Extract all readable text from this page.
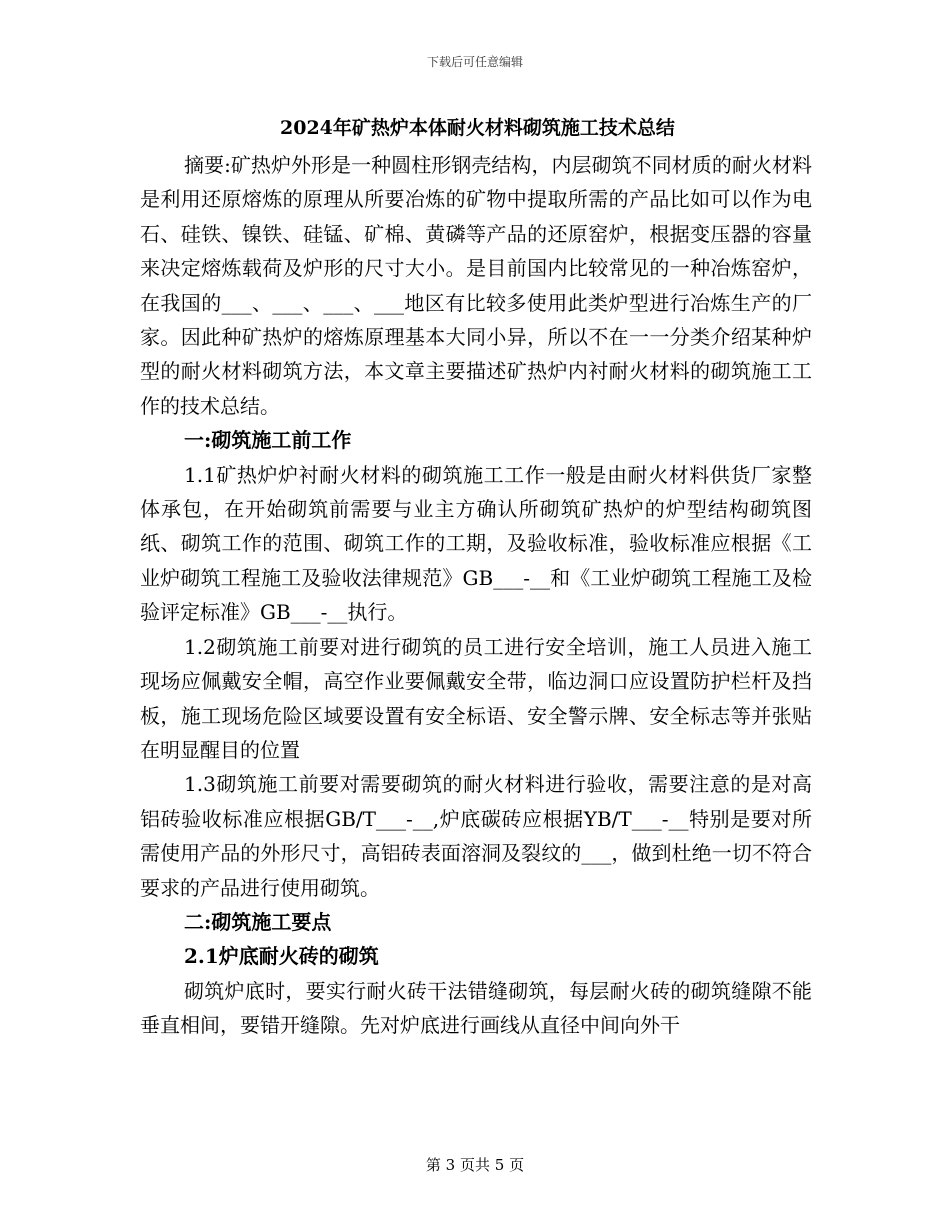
下载后可任意编辑
2024年矿热炉本体耐火材料砌筑施工技术总结

摘要:矿热炉外形是一种圆柱形钢壳结构，内层砌筑不同材质的耐火材料是利用还原熔炼的原理从所要冶炼的矿物中提取所需的产品比如可以作为电石、硅铁、镍铁、硅锰、矿棉、黄磷等产品的还原窑炉，根据变压器的容量来决定熔炼载荷及炉形的尺寸大小。是目前国内比较常见的一种冶炼窑炉，在我国的___、___、___、___地区有比较多使用此类炉型进行冶炼生产的厂家。因此种矿热炉的熔炼原理基本大同小异，所以不在一一分类介绍某种炉型的耐火材料砌筑方法，本文章主要描述矿热炉内衬耐火材料的砌筑施工工作的技术总结。

一:砌筑施工前工作

1.1矿热炉炉衬耐火材料的砌筑施工工作一般是由耐火材料供货厂家整体承包，在开始砌筑前需要与业主方确认所砌筑矿热炉的炉型结构砌筑图纸、砌筑工作的范围、砌筑工作的工期，及验收标准，验收标准应根据《工业炉砌筑工程施工及验收法律规范》GB___-__和《工业炉砌筑工程施工及检验评定标准》GB___-__执行。

1.2砌筑施工前要对进行砌筑的员工进行安全培训，施工人员进入施工现场应佩戴安全帽，高空作业要佩戴安全带，临边洞口应设置防护栏杆及挡板，施工现场危险区域要设置有安全标语、安全警示牌、安全标志等并张贴在明显醒目的位置

1.3砌筑施工前要对需要砌筑的耐火材料进行验收，需要注意的是对高铝砖验收标准应根据GB/T___-__,炉底碳砖应根据YB/T___-__特别是要对所需使用产品的外形尺寸，高铝砖表面溶洞及裂纹的___，做到杜绝一切不符合要求的产品进行使用砌筑。

二:砌筑施工要点
2.1炉底耐火砖的砌筑

砌筑炉底时，要实行耐火砖干法错缝砌筑，每层耐火砖的砌筑缝隙不能垂直相间，要错开缝隙。先对炉底进行画线从直径中间向外干

第 3 页共 5 页
